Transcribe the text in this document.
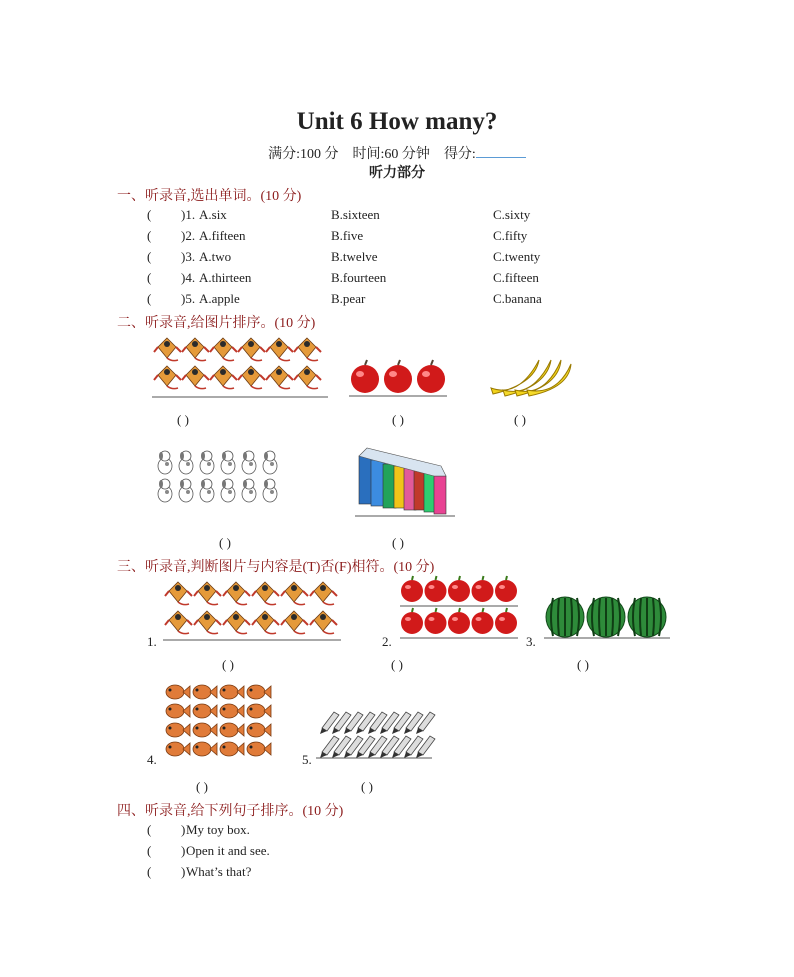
Unit 6 How many?
满分:100 分 时间:60 分钟 得分:
听力部分
一、听录音,选出单词。(10 分)
( )1. A.six	B.sixteen	C.sixty
( )2. A.fifteen	B.five	C.fifty
( )3. A.two	B.twelve	C.twenty
( )4. A.thirteen	B.fourteen	C.fifteen
( )5. A.apple	B.pear	C.banana
二、听录音,给图片排序。(10 分)
( )	( )	( )
( )	( )
三、听录音,判断图片与内容是(T)否(F)相符。(10 分)
1.	2.	3.
( )	( )	( )
4.	5.
( )	( )
四、听录音,给下列句子排序。(10 分)
( ) My toy box.
( ) Open it and see.
( ) What’s that?
